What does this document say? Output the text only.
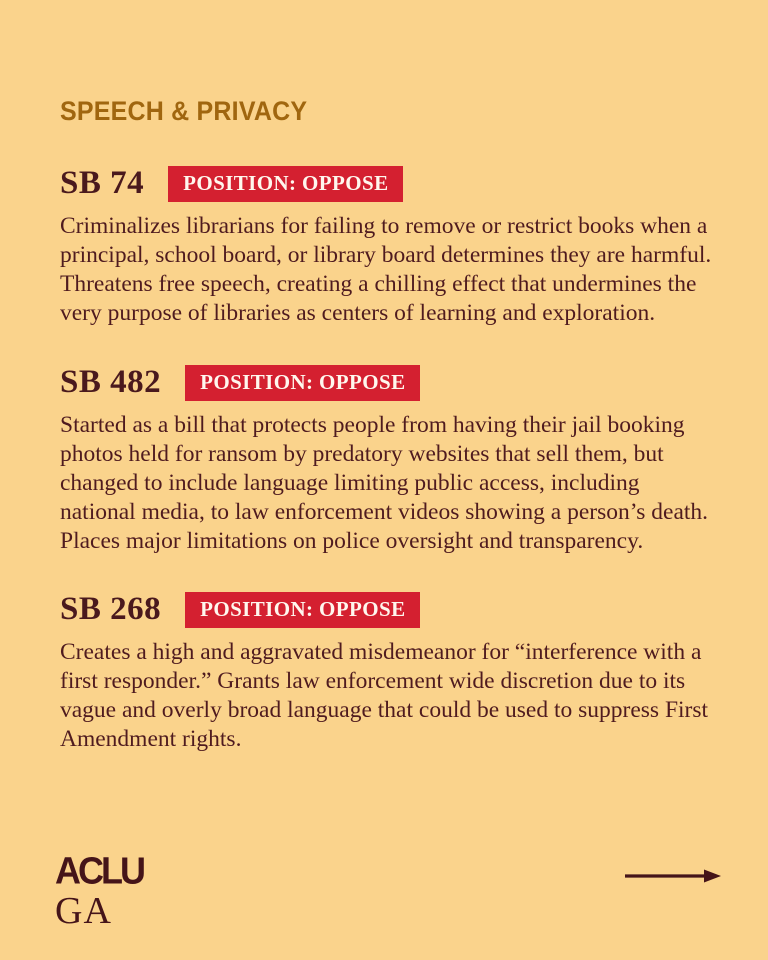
SPEECH & PRIVACY
SB 74	POSITION: OPPOSE

Criminalizes librarians for failing to remove or restrict books when a principal, school board, or library board determines they are harmful. Threatens free speech, creating a chilling effect that undermines the very purpose of libraries as centers of learning and exploration.

SB 482	POSITION: OPPOSE

Started as a bill that protects people from having their jail booking photos held for ransom by predatory websites that sell them, but changed to include language limiting public access, including national media, to law enforcement videos showing a person’s death. Places major limitations on police oversight and transparency.

SB 268	POSITION: OPPOSE

Creates a high and aggravated misdemeanor for “interference with a first responder.” Grants law enforcement wide discretion due to its vague and overly broad language that could be used to suppress First Amendment rights.

ACLU
GA
